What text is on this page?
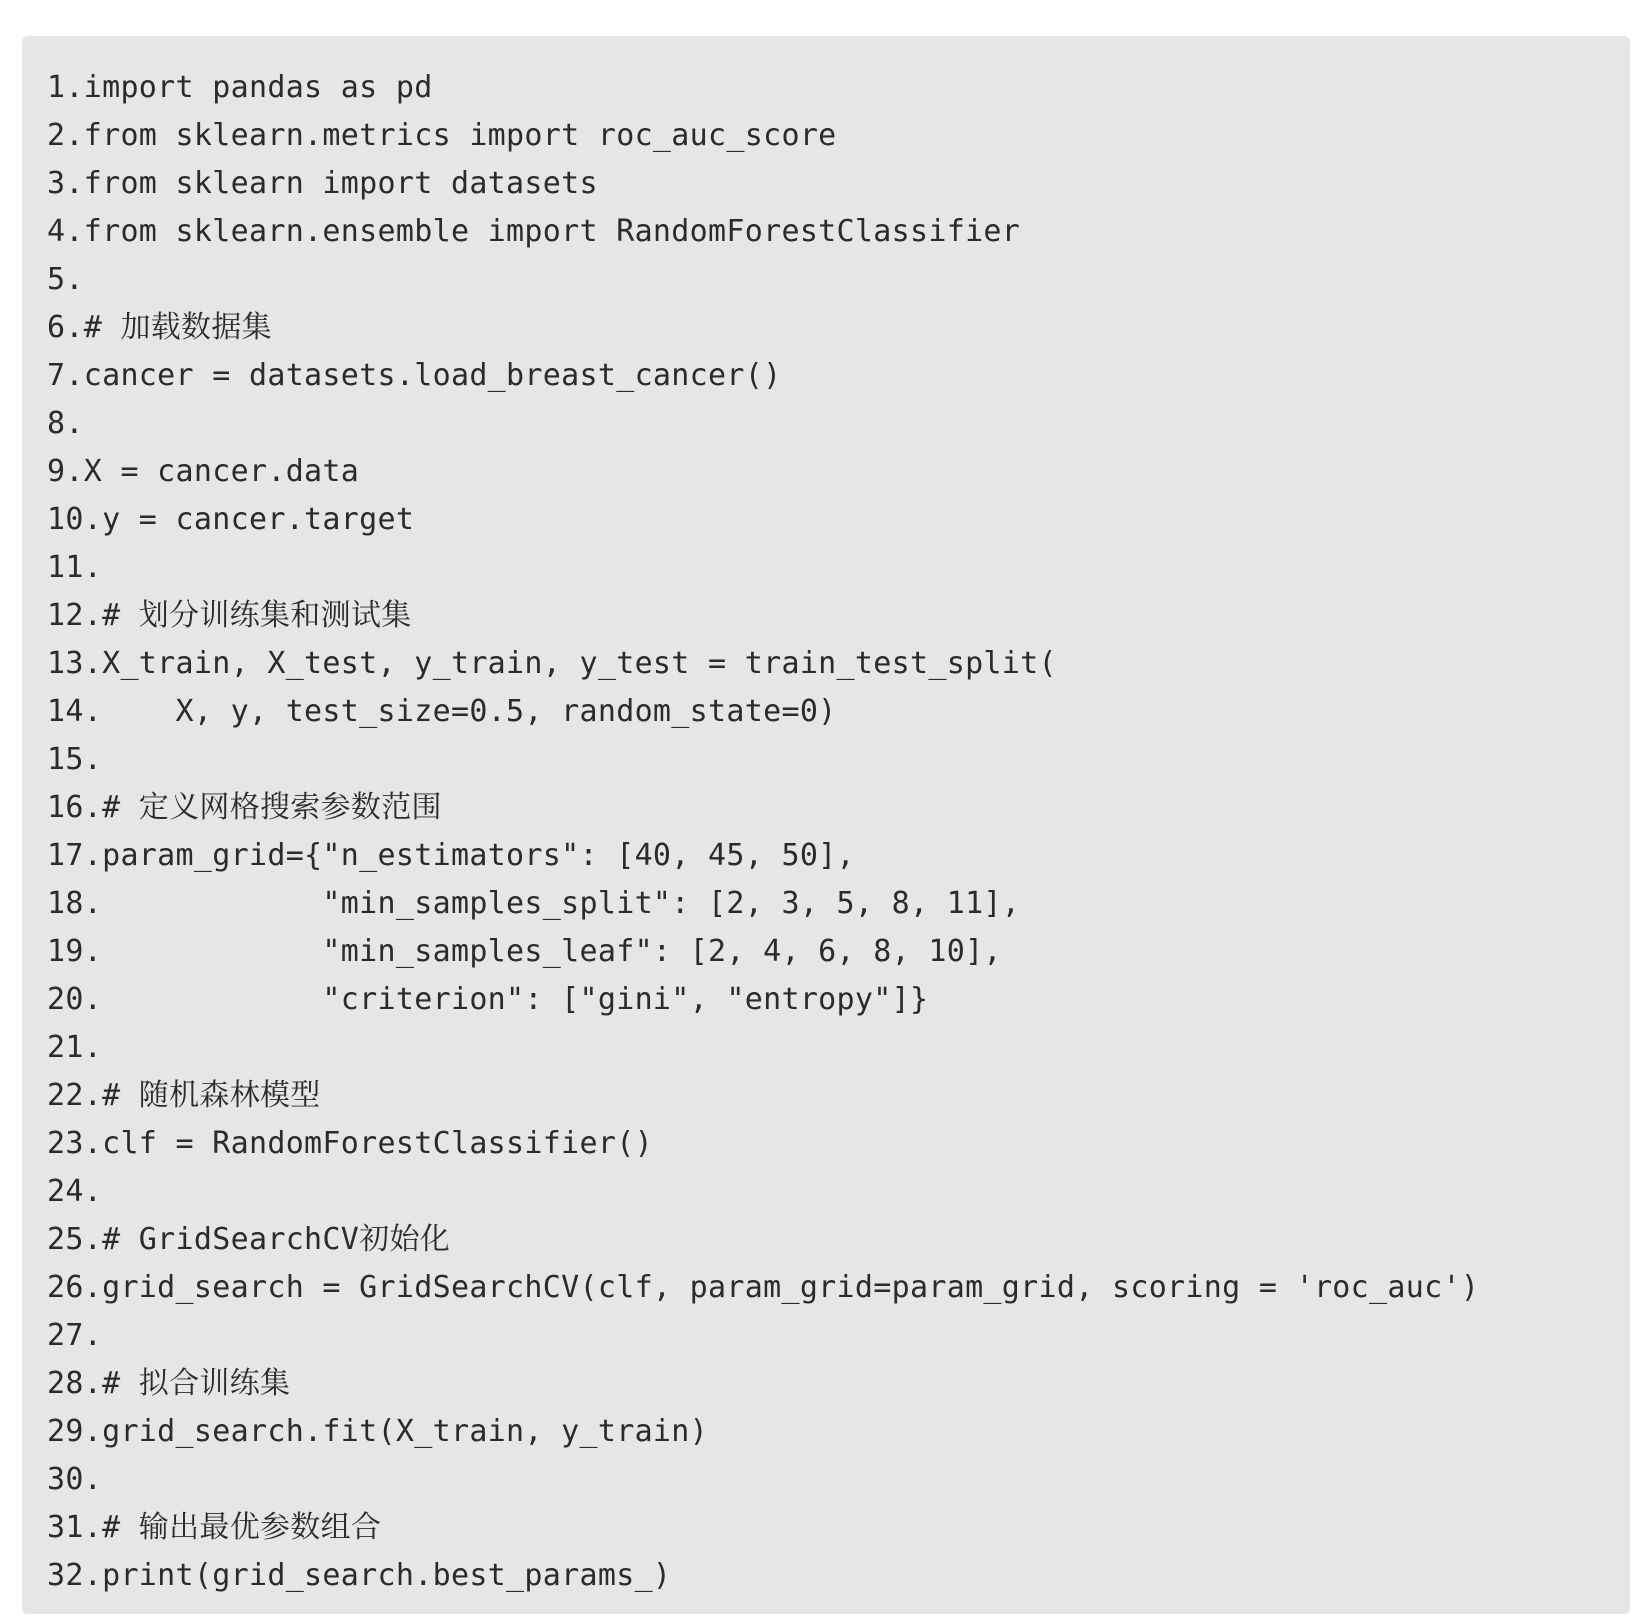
1.import pandas as pd
2.from sklearn.metrics import roc_auc_score
3.from sklearn import datasets
4.from sklearn.ensemble import RandomForestClassifier
5.
6.# 加载数据集
7.cancer = datasets.load_breast_cancer()
8.
9.X = cancer.data
10.y = cancer.target
11.
12.# 划分训练集和测试集
13.X_train, X_test, y_train, y_test = train_test_split(
14.    X, y, test_size=0.5, random_state=0)
15.
16.# 定义网格搜索参数范围
17.param_grid={"n_estimators": [40, 45, 50],
18.            "min_samples_split": [2, 3, 5, 8, 11],
19.            "min_samples_leaf": [2, 4, 6, 8, 10],
20.            "criterion": ["gini", "entropy"]}
21.
22.# 随机森林模型
23.clf = RandomForestClassifier()
24.
25.# GridSearchCV初始化
26.grid_search = GridSearchCV(clf, param_grid=param_grid, scoring = 'roc_auc')
27.
28.# 拟合训练集
29.grid_search.fit(X_train, y_train)
30.
31.# 输出最优参数组合
32.print(grid_search.best_params_)
